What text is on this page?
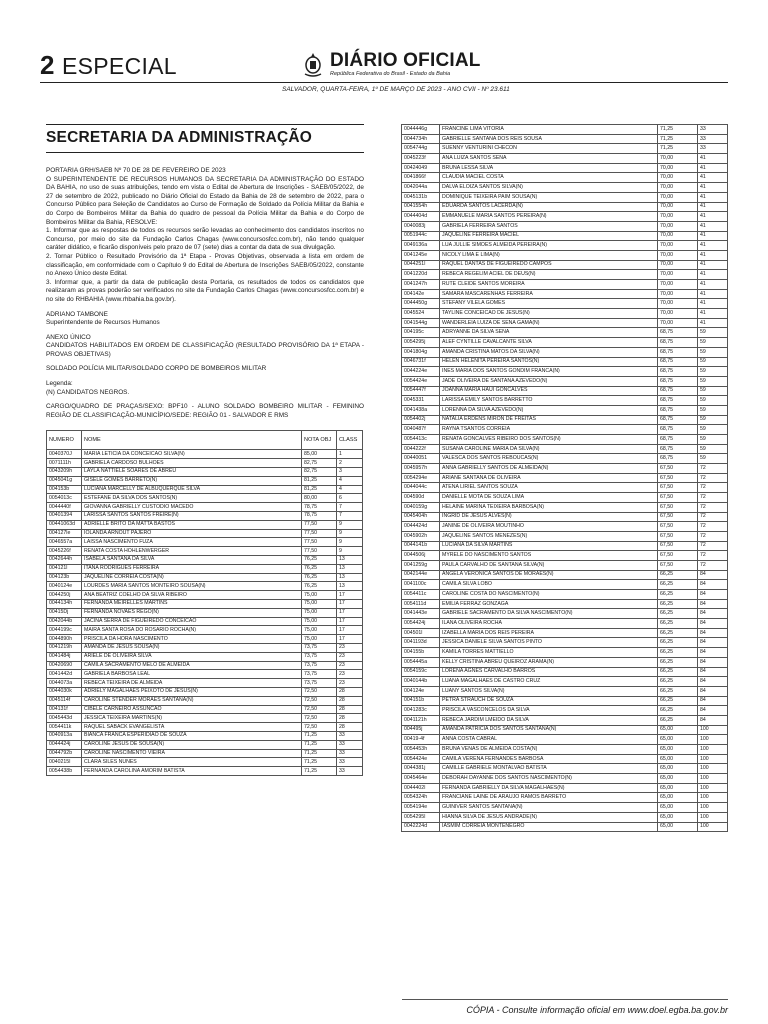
2 ESPECIAL	DIÁRIO OFICIAL
República Federativa do Brasil - Estado da Bahia
SALVADOR, QUARTA-FEIRA, 1º DE MARÇO DE 2023 - ANO CVII - Nº 23.611
SECRETARIA DA ADMINISTRAÇÃO

PORTARIA GRH/SAEB Nº 70 DE 28 DE FEVEREIRO DE 2023

O SUPERINTENDENTE DE RECURSOS HUMANOS DA SECRETARIA DA ADMINISTRAÇÃO DO ESTADO DA BAHIA, no uso de suas atribuições, tendo em vista o Edital de Abertura de Inscrições - SAEB/05/2022, de 27 de setembro de 2022, publicado no Diário Oficial do Estado da Bahia de 28 de setembro de 2022, para o Concurso Público para Seleção de Candidatos ao Curso de Formação de Soldado da Polícia Militar da Bahia e do Corpo de Bombeiros Militar da Bahia do quadro de pessoal da Polícia Militar da Bahia e do Corpo de Bombeiros Militar da Bahia, RESOLVE:

1. Informar que as respostas de todos os recursos serão levadas ao conhecimento dos candidatos inscritos no Concurso, por meio do site da Fundação Carlos Chagas (www.concursosfcc.com.br), não tendo qualquer caráter didático, e ficarão disponíveis pelo prazo de 07 (sete) dias a contar da data de sua divulgação.

2. Tornar Público o Resultado Provisório da 1ª Etapa - Provas Objetivas, observada a lista em ordem de classificação, em conformidade com o Capítulo 9 do Edital de Abertura de Inscrições SAEB/05/2022, constante no Anexo Único deste Edital.

3. Informar que, a partir da data de publicação desta Portaria, os resultados de todos os candidatos que realizaram as provas poderão ser verificados no site da Fundação Carlos Chagas (www.concursosfcc.com.br) e no site do RHBAHIA (www.rhbahia.ba.gov.br).

ADRIANO TAMBONE

Superintendente de Recursos Humanos

ANEXO ÚNICO

CANDIDATOS HABILITADOS EM ORDEM DE CLASSIFICAÇÃO (RESULTADO PROVISÓRIO DA 1ª ETAPA - PROVAS OBJETIVAS)

SOLDADO POLÍCIA MILITAR/SOLDADO CORPO DE BOMBEIROS MILITAR

Legenda:

(N) CANDIDATOS NEGROS.

CARGO/QUADRO DE PRAÇAS/SEXO: BPF10 - ALUNO SOLDADO BOMBEIRO MILITAR - FEMININO REGIÃO DE CLASSIFICAÇÃO-MUNICÍPIO/SEDE: REGIÃO 01 - SALVADOR E RMS

NUMERO	NOME	NOTA OBJ	CLASS
0040370J	MARIA LETICIA DA CONCEICAO SILVA(N)	85,00	1
0071111h	GABRIELA CARDOSO BULHOES	82,75	2
0043209h	LAYLA NATTIELE SOARES DE ABREU	82,75	3
0045041g	GISELE GOMES BARRETO(N)	81,25	4
004153b	LUCIANA MARCELLY DE ALBUQUERQUE SILVA	81,25	4
0054013c	ESTEFANE DA SILVA DOS SANTOS(N)	80,00	6
0044440f	GIOVANNA GABRIELLY CUSTODIO MACEDO	78,75	7
00401394	LARISSA SANTOS SANTOS FREIRE(N)	78,75	7
00441063d	ADRIELLE BRITO DA MATTA BASTOS	77,50	9
004127le	IOLANDA ARNOUT PAJERO	77,50	9
0046557a	LAISSA NASCIMENTO FUZA	77,50	9
0045226f	RENATA COSTA HOHLENWERGER	77,50	9
0042644h	ISABELA SANTANA DA SILVA	76,25	13
004121l	ITANA RODRIGUES FERREIRA	76,25	13
004123b	JAQUELINE CORREIA COSTA(N)	76,25	13
0040124e	LOURDES MARIA SANTOS MONTEIRO SOUSA(N)	76,25	13
0044250j	ANA BEATRIZ COELHO DA SILVA RIBEIRO	75,00	17
0044134h	FERNANDA MEIRELLES MARTINS	75,00	17
00415Dj	FERNANDA NOVAES REGO(N)	75,00	17
0042044b	JACINA SERRA DE FIGUEIREDO CONCEICAO	75,00	17
0044199c	MAIRA SANTA ROSA DO ROSARIO ROCHA(N)	75,00	17
0044890h	PRISCILA DA HORA NASCIMENTO	75,00	17
0041219h	AMANDA DE JESUS SOUSA(N)	73,75	23
0041484j	ARIELE DE OLIVEIRA SILVA	73,75	23
00420690	CAMILA SACRAMENTO MELO DE ALMEIDA	73,75	23
0041442d	GABRIELA BARBOSA LEAL	73,75	23
0044073a	REBECA TEIXEIRA DE ALMEIDA	73,75	23
0044030k	ADRIELY MAGALHAES PEIXOTO DE JESUS(N)	72,50	28
0045114f	CAROLINE STENDER MORAES SANTANA(N)	72,50	28
004131f	CIBELE CARNEIRO ASSUNCAO	72,50	28
0045443d	JESSICA TEIXEIRA MARTINS(N)	72,50	28
0054411k	RAQUEL SABACK EVANGELISTA	72,50	28
0040913a	BIANCA FRANCA ESPERIDIAO DE SOUZA	71,25	33
0044424j	CAROLINE JESUS DE SOUSA(N)	71,25	33
0044792b	CAROLINE NASCIMENTO VIEIRA	71,25	33
0040215l	CLARA SILES NUNES	71,25	33
0054438b	FERNANDA CAROLINA AMORIM BATISTA	71,25	33
0044446g	FRANCINE LIMA VITORIA	71,25	33
0044734h	GABRIELLE SANTANA DOS REIS SOUSA	71,25	33
0054744g	SUENNY VENTURINI CHECON	71,25	33
0045223f	ANA LUIZA SANTOS SENA	70,00	41
00424049	BRUNA LESSA SILVA	70,00	41
0041866f	CLAUDIA MACIEL COSTA	70,00	41
0042044a	DALVA ELOIZA SANTOS SILVA(N)	70,00	41
0045131b	DOMINIQUE TEIXEIRA PAIM SOUSA(N)	70,00	41
0041554h	EDUARDA SANTOS LACERDA(N)	70,00	41
0044404d	EMMANUELE MARIA SANTOS PEREIRA(N)	70,00	41
0040083j	GABRIELA FERREIRA SANTOS	70,00	41
0051944c	JAQUELINE FERREIRA MACIEL	70,00	41
0049136a	LUA JULLIE SIMOES ALMEIDA PEREIRA(N)	70,00	41
0041245e	NICOLY LIMA E LIMA(N)	70,00	41
0044251l	RAQUEL DANTAS DE FIGUEIREDO CAMPOS	70,00	41
0041220d	REBECA REGELIM ACIEL DE DEUS(N)	70,00	41
0041247h	RUTE CLEIDE SANTOS MOREIRA	70,00	41
004142e	SAMARA MASCARENHAS FERREIRA	70,00	41
0044450g	STEFANY VILELA GOMES	70,00	41
0045524	TAYLINE CONCEICAO DE JESUS(N)	70,00	41
0041544g	WANDERLEIA LUIZA DE SENA GAMA(N)	70,00	41
004195c	ADRYANNE DA SILVA SENA	68,75	59
0054295j	ALEF CYNTILLE CAVALCANTE SILVA	68,75	59
0041804g	AMANDA CRISTINA MATOS DA SILVA(N)	68,75	59
0046731f	HELEN HELENITA PEREIRA SANTOS(N)	68,75	59
0044224e	INES MARIA DOS SANTOS GONDIM FRANCA(N)	68,75	59
0054424e	JADE OLIVEIRA DE SANTANA AZEVEDO(N)	68,75	59
0054447f	JOANNA MARIA HAUI GONCALVES	68,75	59
0045331	LARISSA EMILY SANTOS BARRETTO	68,75	59
0041438a	LORENNA DA SILVA AZEVEDO(N)	68,75	59
0054402j	NATALIA ERDENS MIRON DE FREITAS	68,75	59
0040487f	RAYNA TSANTOS CORREIA	68,75	59
0054413c	RENATA GONCALVES RIBEIRO DOS SANTOS(N)	68,75	59
0044222f	SUSANA CAROLINE MARIA DA SILVA(N)	68,75	59
00440051	VALESCA DOS SANTOS REBOUCAS(N)	68,75	59
0045957h	ANNA GABRIELLY SANTOS DE ALMEIDA(N)	67,50	72
0054294e	ARIANE SANTANA DE OLIVEIRA	67,50	72
0044044c	ATENA LIRIEL SANTOS SOUZA	67,50	72
004590d	DANIELLE MOTA DE SOUZA LIMA	67,50	72
0040159g	HELAINE MARINA TEIXEIRA BARBOSA(N)	67,50	72
0045404h	INGRID DE JESUS ALVES(N)	67,50	72
0044424d	JANINE DE OLIVEIRA MOUTINHO	67,50	72
0045902h	JAQUELINE SANTOS MENEZES(N)	67,50	72
0044141b	LUCIANA DA SILVA MARTINS	67,50	72
0044506j	MYRELE DO NASCIMENTO SANTOS	67,50	72
0041259g	PAULA CARVALHO DE SANTANA SILVA(N)	67,50	72
0042144e	ANGELA VERONICA SANTOS DE MORAES(N)	66,25	84
0041100c	CAMILA SILVA LOBO	66,25	84
0054411c	CAROLINE COSTA DO NASCIMENTO(N)	66,25	84
0054111d	EMILIA FERRAZ GONZAGA	66,25	84
0041443e	GABRIELE SACRAMENTO DA SILVA NASCIMENTO(N)	66,25	84
0054424j	ILANA OLIVEIRA ROCHA	66,25	84
004501l	IZABELLA MARIA DOS REIS PEREIRA	66,25	84
0041193d	JESSICA DANIELE SILVA SANTOS PINTO	66,25	84
004155b	KAMILA TORRES MATTIELLO	66,25	84
0054445a	KELLY CRISTINA ABREU QUEIROZ ARAMA(N)	66,25	84
0054159c	LORENA AGNES CARVALHO BARROS	66,25	84
0040144b	LUANA MAGALHAES DE CASTRO CRUZ	66,25	84
004124e	LUANY SANTOS SILVA(N)	66,25	84
004151b	PETRA STRAUCH DE SOUZA	66,25	84
0041283c	PRISCILA VASCONCELOS DA SILVA	66,25	84
0041121h	REBECA JARDIM LMEIDO DA SILVA	66,25	84
004495j	AMANDA PATRICIA DOS SANTOS SANTANA(N)	65,00	100
00419-4f	ANNA COSTA CABRAL	65,00	100
0054453h	BRUNA VENAS DE ALMEIDA COSTA(N)	65,00	100
0054424e	CAMILA VERENA FERNANDES BARBOSA	65,00	100
0044381j	CAMILLE GABRIELE MONTALVAO BATISTA	65,00	100
0045464e	DEBORAH DAYANNE DOS SANTOS NASCIMENTO(N)	65,00	100
0044402l	FERNANDA GABRIELLY DA SILVA MAGALHAES(N)	65,00	100
0054324h	FRANCIANE LAINE DE ARAUJO RAMOS BARRETO	65,00	100
0054194e	GUINIVER SANTOS SANTANA(N)	65,00	100
0054295l	HIANNA SILVA DE JESUS ANDRADE(N)	65,00	100
0042224d	IASMIM CORREIA MONTENEGRO	65,00	100
CÓPIA - Consulte informação oficial em www.doel.egba.ba.gov.br
